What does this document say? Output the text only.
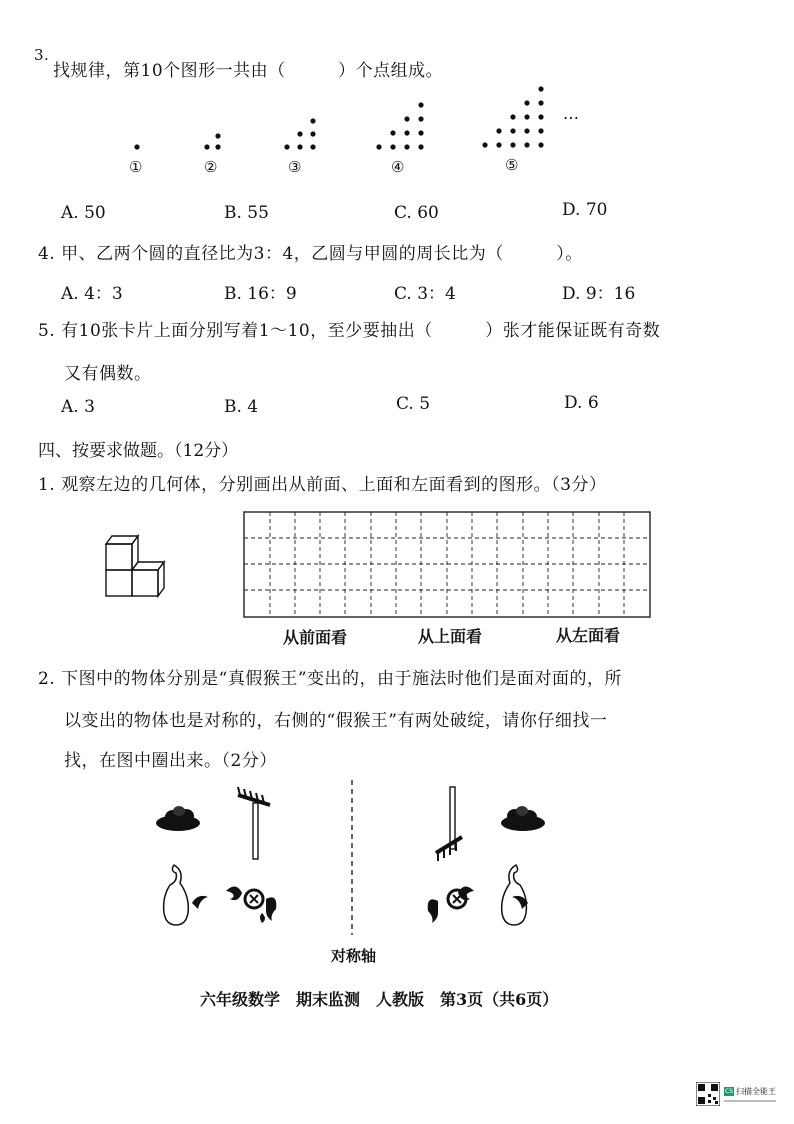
3.
找规律，第10个图形一共由（　　　）个点组成。
…
①	②	③	④	⑤
A. 50	B. 55	C. 60	D. 70
4. 甲、乙两个圆的直径比为3：4，乙圆与甲圆的周长比为（　　　）。
A. 4：3	B. 16：9	C. 3：4	D. 9：16
5. 有10张卡片上面分别写着1～10，至少要抽出（　　　）张才能保证既有奇数
又有偶数。
A. 3	B. 4	C. 5	D. 6
四、按要求做题。（12分）
1. 观察左边的几何体，分别画出从前面、上面和左面看到的图形。（3分）
从前面看	从上面看	从左面看
2. 下图中的物体分别是“真假猴王”变出的，由于施法时他们是面对面的，所
以变出的物体也是对称的，右侧的“假猴王”有两处破绽，请你仔细找一
找，在图中圈出来。（2分）
对称轴
六年级数学　期末监测　人教版　第3页（共6页）
CS 扫描全能王
